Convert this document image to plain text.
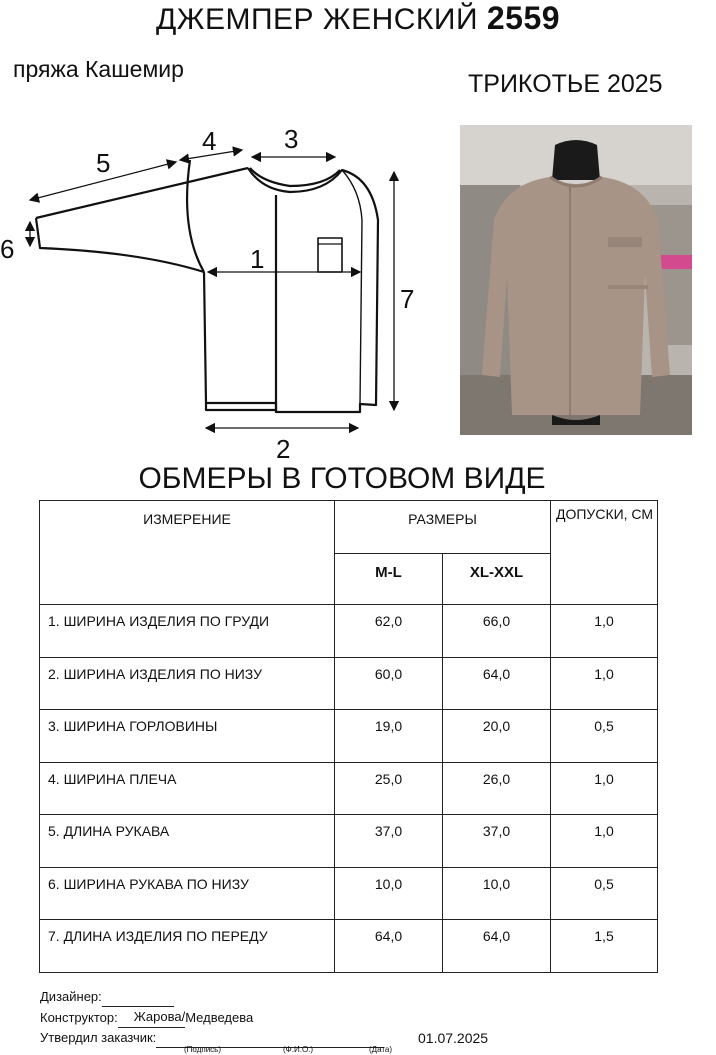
ДЖЕМПЕР ЖЕНСКИЙ 2559
пряжа Кашемир
ТРИКОТЬЕ 2025
1
2
3
4
5
6
7
ОБМЕРЫ В ГОТОВОМ ВИДЕ
ИЗМЕРЕНИЕ	РАЗМЕРЫ		ДОПУСКИ, СМ
	M-L	XL-XXL	
1. ШИРИНА ИЗДЕЛИЯ ПО ГРУДИ	62,0	66,0	1,0
2. ШИРИНА ИЗДЕЛИЯ ПО НИЗУ	60,0	64,0	1,0
3. ШИРИНА ГОРЛОВИНЫ	19,0	20,0	0,5
4. ШИРИНА ПЛЕЧА	25,0	26,0	1,0
5. ДЛИНА РУКАВА	37,0	37,0	1,0
6. ШИРИНА РУКАВА ПО НИЗУ	10,0	10,0	0,5
7. ДЛИНА ИЗДЕЛИЯ ПО ПЕРЕДУ	64,0	64,0	1,5
Дизайнер:
Конструктор: Жарова/Медведева
Утвердил заказчик:
(Подпись)	(Ф.И.О.)	(Дата)
01.07.2025
